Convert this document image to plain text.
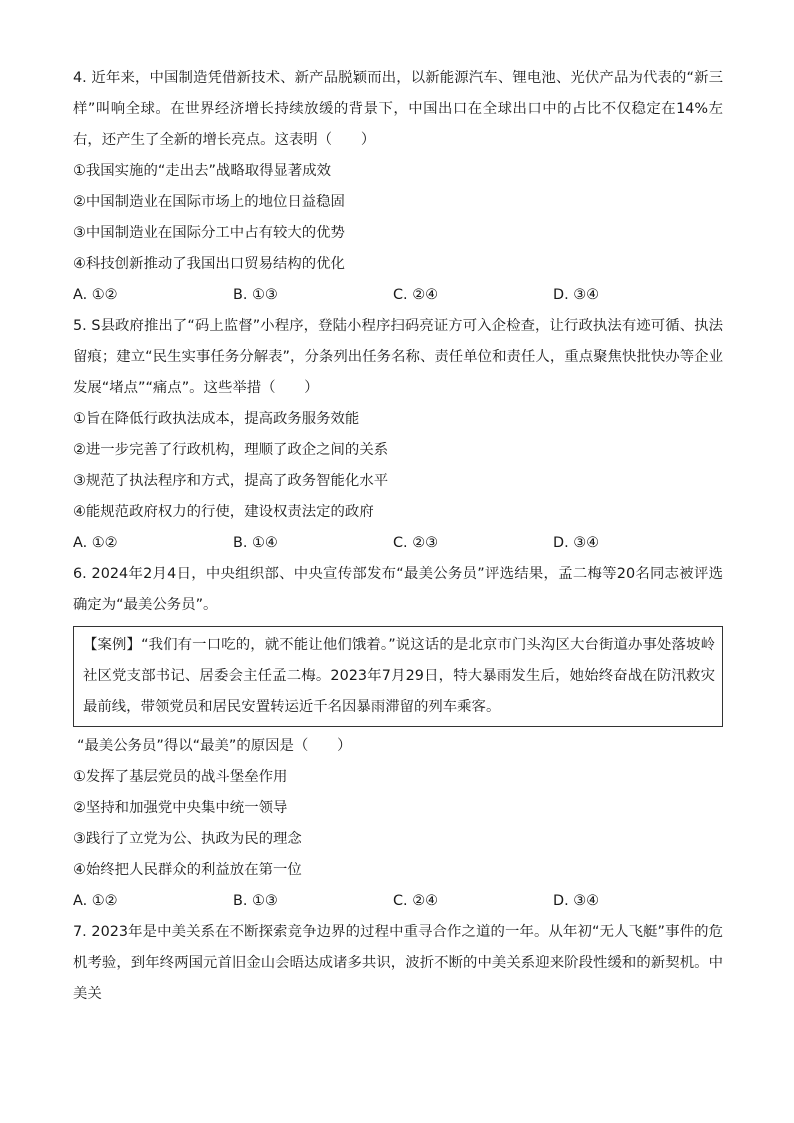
4. 近年来，中国制造凭借新技术、新产品脱颖而出，以新能源汽车、锂电池、光伏产品为代表的“新三样”叫响全球。在世界经济增长持续放缓的背景下，中国出口在全球出口中的占比不仅稳定在14%左右，还产生了全新的增长亮点。这表明（　　）

①我国实施的“走出去”战略取得显著成效
②中国制造业在国际市场上的地位日益稳固
③中国制造业在国际分工中占有较大的优势
④科技创新推动了我国出口贸易结构的优化
A. ①②	B. ①③	C. ②④	D. ③④

5. S县政府推出了“码上监督”小程序，登陆小程序扫码亮证方可入企检查，让行政执法有迹可循、执法留痕；建立“民生实事任务分解表”，分条列出任务名称、责任单位和责任人，重点聚焦快批快办等企业发展“堵点”“痛点”。这些举措（　　）

①旨在降低行政执法成本，提高政务服务效能
②进一步完善了行政机构，理顺了政企之间的关系
③规范了执法程序和方式，提高了政务智能化水平
④能规范政府权力的行使，建设权责法定的政府
A. ①②	B. ①④	C. ②③	D. ③④

6. 2024年2月4日，中央组织部、中央宣传部发布“最美公务员”评选结果，孟二梅等20名同志被评选确定为“最美公务员”。

【案例】“我们有一口吃的，就不能让他们饿着。”说这话的是北京市门头沟区大台街道办事处落坡岭社区党支部书记、居委会主任孟二梅。2023年7月29日，特大暴雨发生后，她始终奋战在防汛救灾最前线，带领党员和居民安置转运近千名因暴雨滞留的列车乘客。

“最美公务员”得以“最美”的原因是（　　）
①发挥了基层党员的战斗堡垒作用
②坚持和加强党中央集中统一领导
③践行了立党为公、执政为民的理念
④始终把人民群众的利益放在第一位
A. ①②	B. ①③	C. ②④	D. ③④

7. 2023年是中美关系在不断探索竞争边界的过程中重寻合作之道的一年。从年初“无人飞艇”事件的危机考验，到年终两国元首旧金山会晤达成诸多共识，波折不断的中美关系迎来阶段性缓和的新契机。中美关
